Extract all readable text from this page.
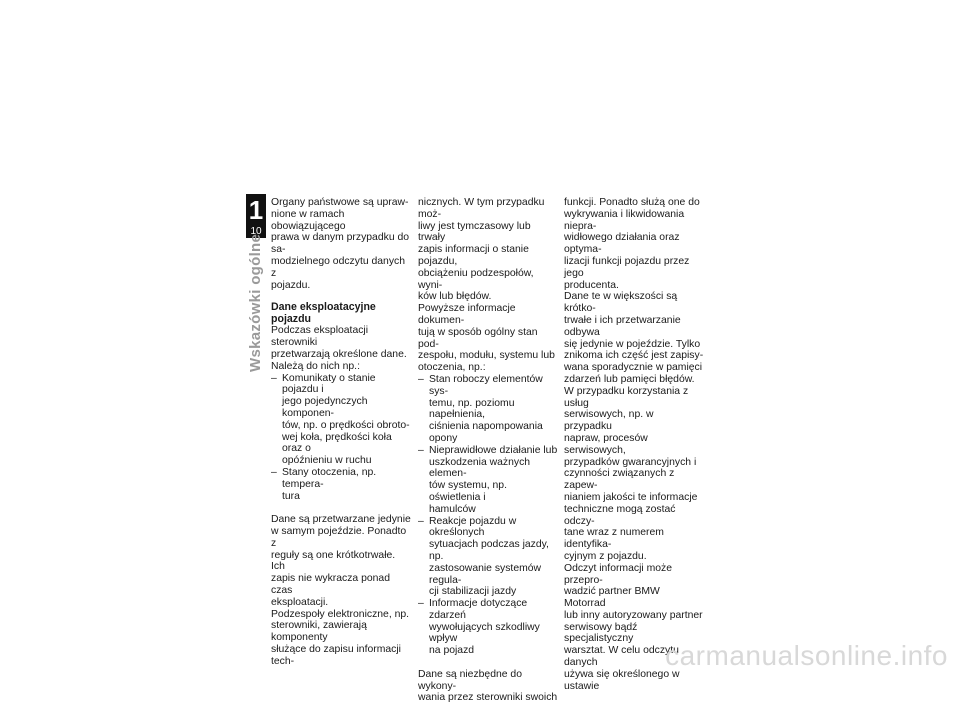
1
10
Wskazówki ogólne

Organy państwowe są upraw-
nione w ramach obowiązującego
prawa w danym przypadku do sa-
modzielnego odczytu danych z
pojazdu.

Dane eksploatacyjne pojazdu

Podczas eksploatacji sterowniki
przetwarzają określone dane.
Należą do nich np.:

– Komunikaty o stanie pojazdu i
jego pojedynczych komponen-
tów, np. o prędkości obroto-
wej koła, prędkości koła oraz o
opóźnieniu w ruchu
– Stany otoczenia, np. tempera-
tura

Dane są przetwarzane jedynie
w samym pojeździe. Ponadto z
reguły są one krótkotrwałe. Ich
zapis nie wykracza ponad czas
eksploatacji.

Podzespoły elektroniczne, np.
sterowniki, zawierają komponenty
służące do zapisu informacji tech-

nicznych. W tym przypadku moż-
liwy jest tymczasowy lub trwały
zapis informacji o stanie pojazdu,
obciążeniu podzespołów, wyni-
ków lub błędów.

Powyższe informacje dokumen-
tują w sposób ogólny stan pod-
zespołu, modułu, systemu lub
otoczenia, np.:

– Stan roboczy elementów sys-
temu, np. poziomu napełnienia,
ciśnienia napompowania opony
– Nieprawidłowe działanie lub
uszkodzenia ważnych elemen-
tów systemu, np. oświetlenia i
hamulców
– Reakcje pojazdu w określonych
sytuacjach podczas jazdy, np.
zastosowanie systemów regula-
cji stabilizacji jazdy
– Informacje dotyczące zdarzeń
wywołujących szkodliwy wpływ
na pojazd

Dane są niezbędne do wykony-
wania przez sterowniki swoich

funkcji. Ponadto służą one do
wykrywania i likwidowania niepra-
widłowego działania oraz optyma-
lizacji funkcji pojazdu przez jego
producenta.

Dane te w większości są krótko-
trwałe i ich przetwarzanie odbywa
się jedynie w pojeździe. Tylko
znikoma ich część jest zapisy-
wana sporadycznie w pamięci
zdarzeń lub pamięci błędów.

W przypadku korzystania z usług
serwisowych, np. w przypadku
napraw, procesów serwisowych,
przypadków gwarancyjnych i
czynności związanych z zapew-
nianiem jakości te informacje
techniczne mogą zostać odczy-
tane wraz z numerem identyfika-
cyjnym z pojazdu.

Odczyt informacji może przepro-
wadzić partner BMW Motorrad
lub inny autoryzowany partner
serwisowy bądź specjalistyczny
warsztat. W celu odczytu danych
używa się określonego w ustawie

carmanualsonline.info
